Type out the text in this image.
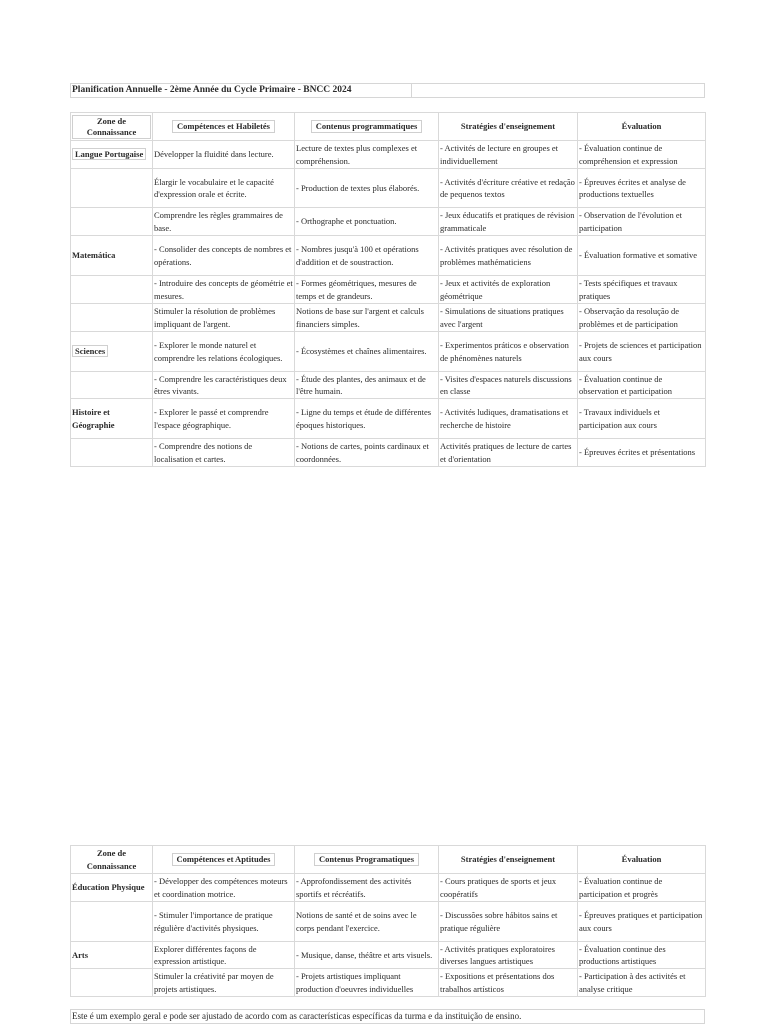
Planification Annuelle - 2ème Année du Cycle Primaire - BNCC 2024
Zone de Connaissance	Compétences et Habiletés	Contenus programmatiques	Stratégies d'enseignement	Évaluation
Langue Portugaise	Développer la fluidité dans lecture.	Lecture de textes plus complexes et compréhension.	- Activités de lecture en groupes et individuellement	- Évaluation continue de compréhension et expression
	Élargir le vocabulaire et le capacité d'expression orale et écrite.	- Production de textes plus élaborés.	- Activités d'écriture créative et redação de pequenos textos	- Épreuves écrites et analyse de productions textuelles
	Comprendre les règles grammaires de base.	- Orthographe et ponctuation.	- Jeux éducatifs et pratiques de révision grammaticale	- Observation de l'évolution et participation
Matemática	- Consolider des concepts de nombres et opérations.	- Nombres jusqu'à 100 et opérations d'addition et de soustraction.	- Activités pratiques avec résolution de problèmes mathématiciens	- Évaluation formative et somative
	- Introduire des concepts de géométrie et mesures.	- Formes géométriques, mesures de temps et de grandeurs.	- Jeux et activités de exploration géométrique	- Tests spécifiques et travaux pratiques
	Stimuler la résolution de problèmes impliquant de l'argent.	Notions de base sur l'argent et calculs financiers simples.	- Simulations de situations pratiques avec l'argent	- Observação da resolução de problèmes et de participation
Sciences	- Explorer le monde naturel et comprendre les relations écologiques.	- Écosystèmes et chaînes alimentaires.	- Experimentos práticos e observation de phénomènes naturels	- Projets de sciences et participation aux cours
	- Comprendre les caractéristiques deux êtres vivants.	- Étude des plantes, des animaux et de l'être humain.	- Visites d'espaces naturels discussions en classe	- Évaluation continue de observation et participation
Histoire et Géographie	- Explorer le passé et comprendre l'espace géographique.	- Ligne du temps et étude de différentes époques historiques.	- Activités ludiques, dramatisations et recherche de histoire	- Travaux individuels et participation aux cours
	- Comprendre des notions de localisation et cartes.	- Notions de cartes, points cardinaux et coordonnées.	Activités pratiques de lecture de cartes et d'orientation	- Épreuves écrites et présentations
Zone de Connaissance	Compétences et Aptitudes	Contenus Programatiques	Stratégies d'enseignement	Évaluation
Éducation Physique	- Développer des compétences moteurs et coordination motrice.	- Approfondissement des activités sportifs et récréatifs.	- Cours pratiques de sports et jeux coopératifs	- Évaluation continue de participation et progrès
	- Stimuler l'importance de pratique régulière d'activités physiques.	Notions de santé et de soins avec le corps pendant l'exercice.	- Discussões sobre hábitos sains et pratique régulière	- Épreuves pratiques et participation aux cours
Arts	Explorer différentes façons de expression artistique.	- Musique, danse, théâtre et arts visuels.	- Activités pratiques exploratoires diverses langues artistiques	- Évaluation continue des productions artistiques
	Stimuler la créativité par moyen de projets artistiques.	- Projets artistiques impliquant production d'oeuvres individuelles	- Expositions et présentations dos trabalhos artísticos	- Participation à des activités et analyse critique
Este é um exemplo geral e pode ser ajustado de acordo com as características específicas da turma e da instituição de ensino.
